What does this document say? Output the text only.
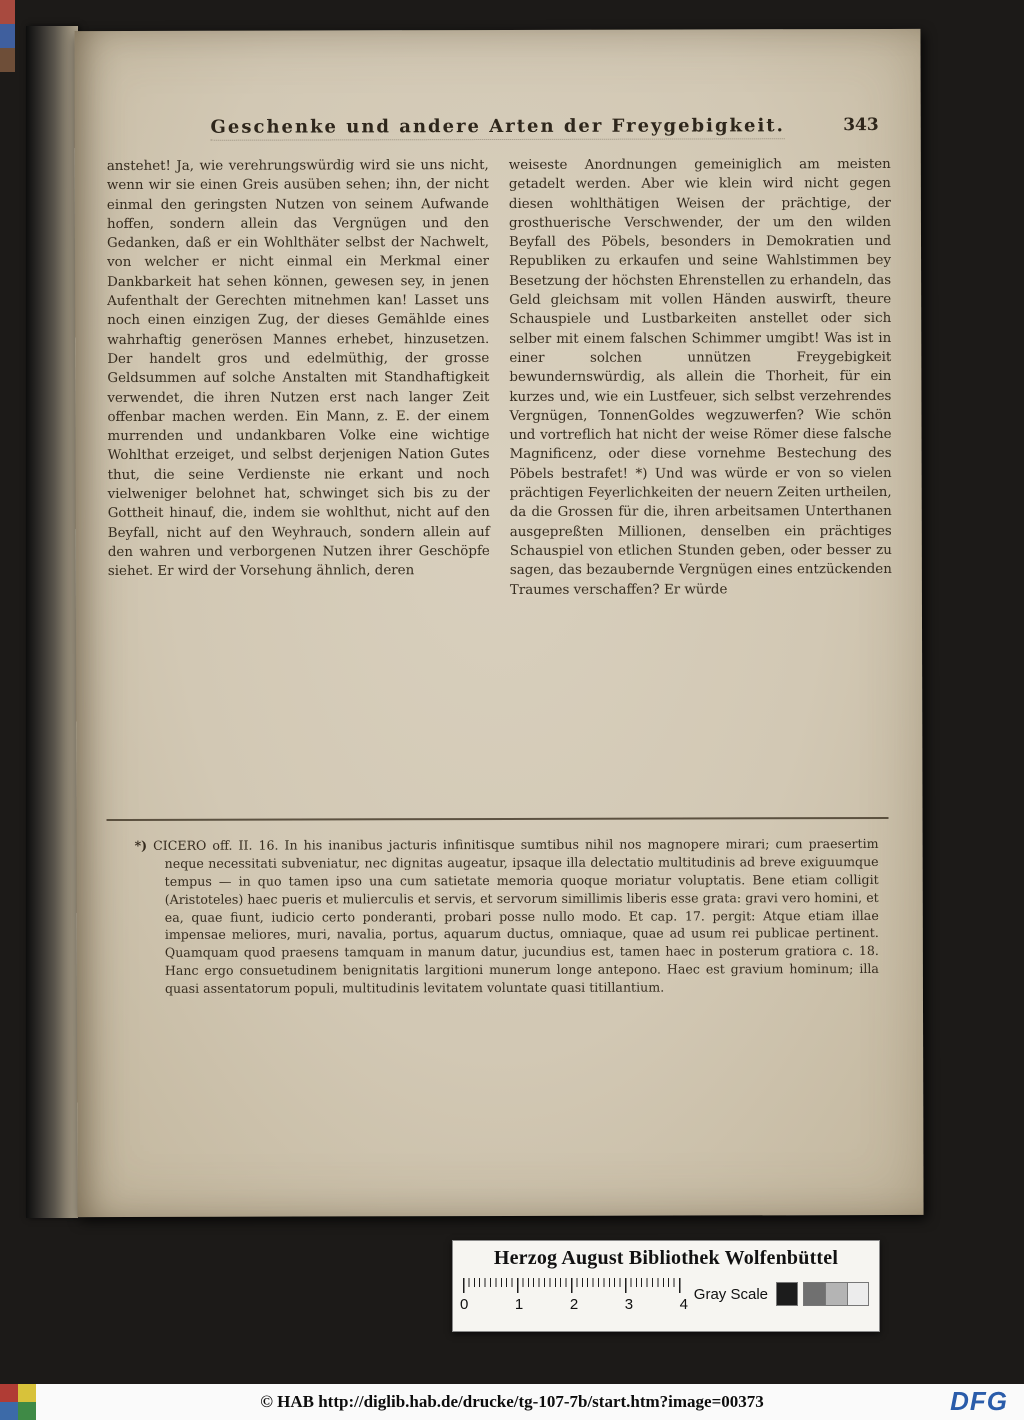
Geschenke und andere Arten der Freygebigkeit.	343

anstehet! Ja, wie verehrungswürdig wird sie uns nicht, wenn wir sie einen Greis ausüben sehen; ihn, der nicht einmal den geringsten Nutzen von seinem Aufwande hoffen, sondern allein das Vergnügen und den Gedanken, daß er ein Wohlthäter selbst der Nachwelt, von welcher er nicht einmal ein Merkmal einer Dankbarkeit hat sehen können, gewesen sey, in jenen Aufenthalt der Gerechten mitnehmen kan! Lasset uns noch einen einzigen Zug, der dieses Gemählde eines wahrhaftig generösen Mannes erhebet, hinzusetzen. Der handelt gros und edelmüthig, der grosse Geldsummen auf solche Anstalten mit Standhaftigkeit verwendet, die ihren Nutzen erst nach langer Zeit offenbar machen werden. Ein Mann, z. E. der einem murrenden und undankbaren Volke eine wichtige Wohlthat erzeiget, und selbst derjenigen Nation Gutes thut, die seine Verdienste nie erkant und noch vielweniger belohnet hat, schwinget sich bis zu der Gottheit hinauf, die, indem sie wohlthut, nicht auf den Beyfall, nicht auf den Weyhrauch, sondern allein auf den wahren und verborgenen Nutzen ihrer Geschöpfe siehet. Er wird der Vorsehung ähnlich, deren

weiseste Anordnungen gemeiniglich am meisten getadelt werden. Aber wie klein wird nicht gegen diesen wohlthätigen Weisen der prächtige, der grosthuerische Verschwender, der um den wilden Beyfall des Pöbels, besonders in Demokratien und Republiken zu erkaufen und seine Wahlstimmen bey Besetzung der höchsten Ehrenstellen zu erhandeln, das Geld gleichsam mit vollen Händen auswirft, theure Schauspiele und Lustbarkeiten anstellet oder sich selber mit einem falschen Schimmer umgibt! Was ist in einer solchen unnützen Freygebigkeit bewundernswürdig, als allein die Thorheit, für ein kurzes und, wie ein Lustfeuer, sich selbst verzehrendes Vergnügen, TonnenGoldes wegzuwerfen? Wie schön und vortreflich hat nicht der weise Römer diese falsche Magnificenz, oder diese vornehme Bestechung des Pöbels bestrafet! *) Und was würde er von so vielen prächtigen Feyerlichkeiten der neuern Zeiten urtheilen, da die Grossen für die, ihren arbeitsamen Unterthanen ausgepreßten Millionen, denselben ein prächtiges Schauspiel von etlichen Stunden geben, oder besser zu sagen, das bezaubernde Vergnügen eines entzückenden Traumes verschaffen? Er würde

*) CICERO off. II. 16. In his inanibus jacturis infinitisque sumtibus nihil nos magnopere mirari; cum praesertim neque necessitati subveniatur, nec dignitas augeatur, ipsaque illa delectatio multitudinis ad breve exiguumque tempus — in quo tamen ipso una cum satietate memoria quoque moriatur voluptatis. Bene etiam colligit (Aristoteles) haec pueris et mulierculis et servis, et servorum simillimis liberis esse grata: gravi vero homini, et ea, quae fiunt, iudicio certo ponderanti, probari posse nullo modo. Et cap. 17. pergit: Atque etiam illae impensae meliores, muri, navalia, portus, aquarum ductus, omniaque, quae ad usum rei publicae pertinent. Quamquam quod praesens tamquam in manum datur, jucundius est, tamen haec in posterum gratiora c. 18. Hanc ergo consuetudinem benignitatis largitioni munerum longe antepono. Haec est gravium hominum; illa quasi assentatorum populi, multitudinis levitatem voluntate quasi titillantium.

Herzog August Bibliothek Wolfenbüttel
0	1	2	3	4
Gray Scale
© HAB http://diglib.hab.de/drucke/tg-107-7b/start.htm?image=00373	DFG
